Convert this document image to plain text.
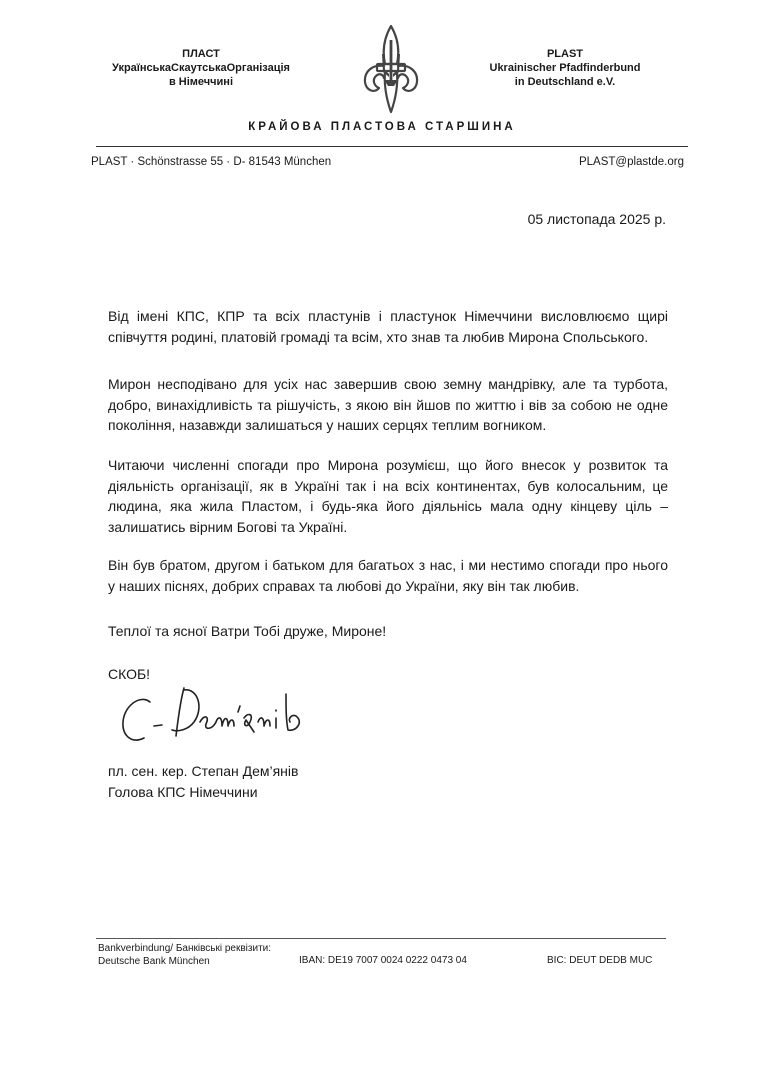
ПЛАСТ
УкраїнськаСкаутськаОрганізація
в Німеччині
PLAST
Ukrainischer Pfadfinderbund
in Deutschland e.V.
КРАЙОВА ПЛАСТОВА СТАРШИНА
PLAST · Schönstrasse 55 · D- 81543 München	PLAST@plastde.org
05 листопада 2025 р.

Від імені КПС, КПР та всіх пластунів і пластунок Німеччини висловлюємо щирі співчуття родині, платовій громаді та всім, хто знав та любив Мирона Спольського.

Мирон несподівано для усіх нас завершив свою земну мандрівку, але та турбота, добро, винахідливість та рішучість, з якою він йшов по життю і вів за собою не одне покоління, назавжди залишаться у наших серцях теплим вогником.

Читаючи численні спогади про Мирона розумієш, що його внесок у розвиток та діяльність організації, як в Україні так і на всіх континентах, був колосальним, це людина, яка жила Пластом, і будь-яка його діяльнісь мала одну кінцеву ціль – залишатись вірним Богові та Україні.

Він був братом, другом і батьком для багатьох з нас, і ми нестимо спогади про нього у наших піснях, добрих справах та любові до України, яку він так любив.

Теплої та ясної Ватри Тобі друже, Мироне!

СКОБ!
пл. сен. кер. Степан Дем’янів
Голова КПС Німеччини
Bankverbindung/ Банківські реквізити:
Deutsche Bank München	IBAN: DE19 7007 0024 0222 0473 04	BIC: DEUT DEDB MUC
